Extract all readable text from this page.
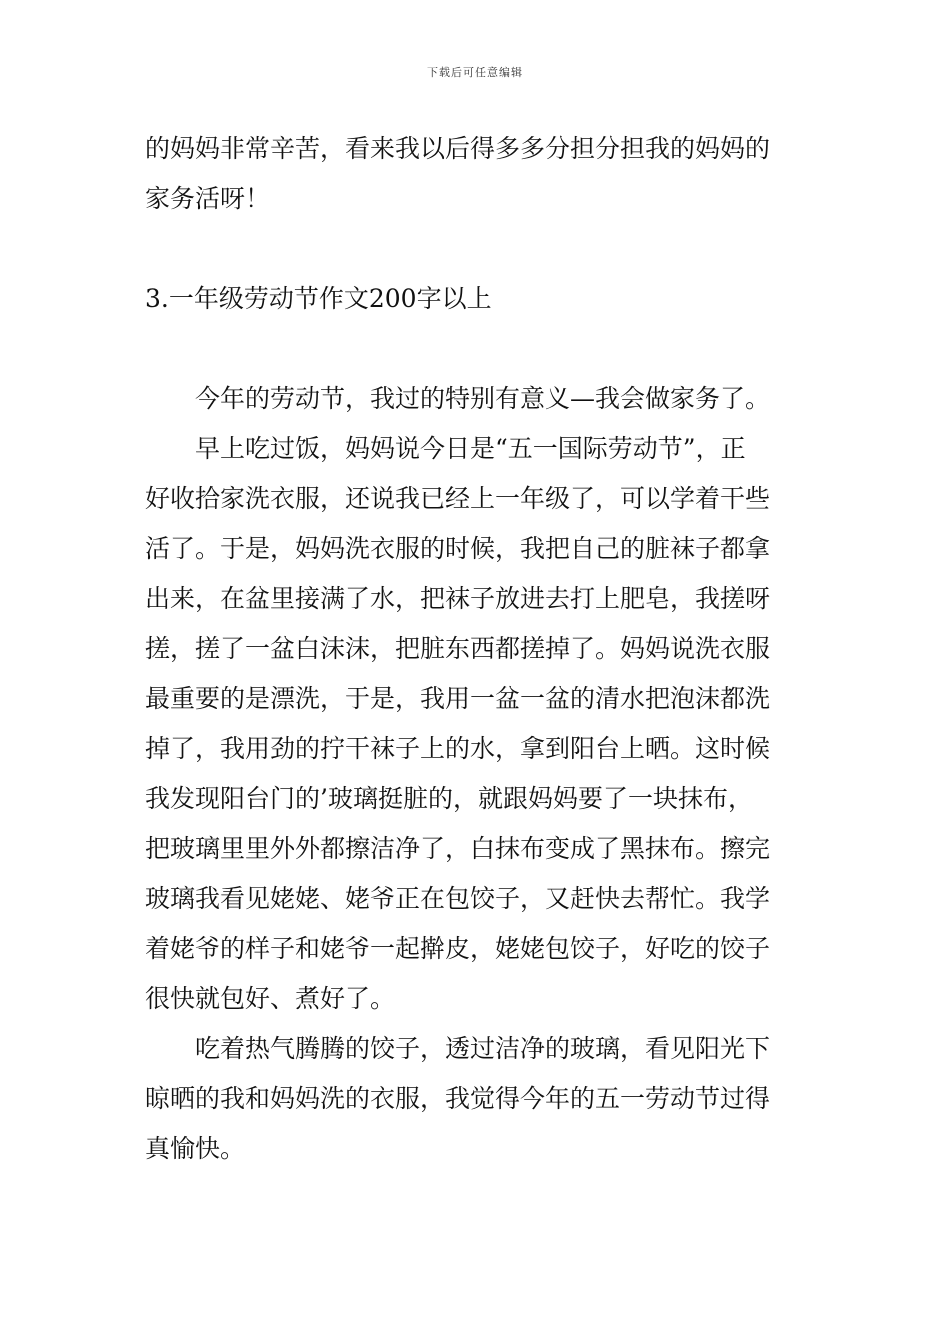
下载后可任意编辑

的妈妈非常辛苦，看来我以后得多多分担分担我的妈妈的
家务活呀！

3.一年级劳动节作文200字以上

今年的劳动节，我过的特别有意义—我会做家务了。

早上吃过饭，妈妈说今日是“五一国际劳动节”，正
好收拾家洗衣服，还说我已经上一年级了，可以学着干些
活了。于是，妈妈洗衣服的时候，我把自己的脏袜子都拿
出来，在盆里接满了水，把袜子放进去打上肥皂，我搓呀
搓，搓了一盆白沫沫，把脏东西都搓掉了。妈妈说洗衣服
最重要的是漂洗，于是，我用一盆一盆的清水把泡沫都洗
掉了，我用劲的拧干袜子上的水，拿到阳台上晒。这时候
我发现阳台门的’玻璃挺脏的，就跟妈妈要了一块抹布，
把玻璃里里外外都擦洁净了，白抹布变成了黑抹布。擦完
玻璃我看见姥姥、姥爷正在包饺子，又赶快去帮忙。我学
着姥爷的样子和姥爷一起擀皮，姥姥包饺子，好吃的饺子
很快就包好、煮好了。

吃着热气腾腾的饺子，透过洁净的玻璃，看见阳光下
晾晒的我和妈妈洗的衣服，我觉得今年的五一劳动节过得
真愉快。
